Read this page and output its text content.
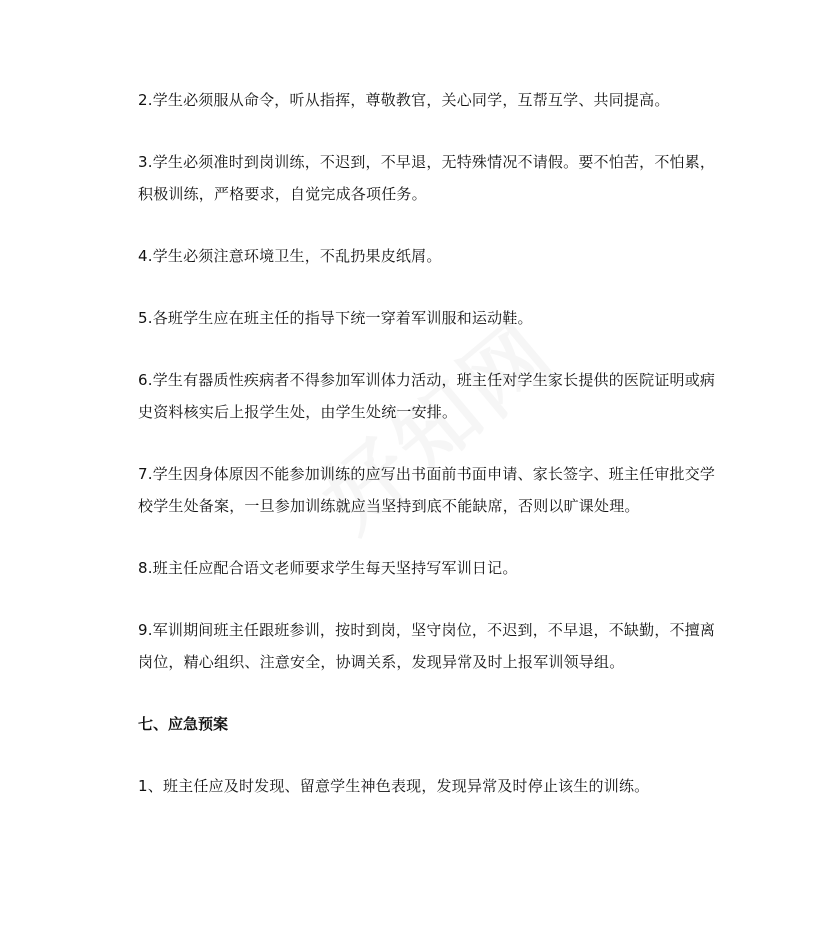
2.学生必须服从命令，听从指挥，尊敬教官，关心同学，互帮互学、共同提高。

3.学生必须准时到岗训练，不迟到，不早退，无特殊情况不请假。要不怕苦，不怕累，积极训练，严格要求，自觉完成各项任务。

4.学生必须注意环境卫生，不乱扔果皮纸屑。

5.各班学生应在班主任的指导下统一穿着军训服和运动鞋。

6.学生有器质性疾病者不得参加军训体力活动，班主任对学生家长提供的医院证明或病史资料核实后上报学生处，由学生处统一安排。

7.学生因身体原因不能参加训练的应写出书面前书面申请、家长签字、班主任审批交学校学生处备案，一旦参加训练就应当坚持到底不能缺席，否则以旷课处理。

8.班主任应配合语文老师要求学生每天坚持写军训日记。

9.军训期间班主任跟班参训，按时到岗，坚守岗位，不迟到，不早退，不缺勤，不擅离岗位，精心组织、注意安全，协调关系，发现异常及时上报军训领导组。

七、应急预案

1、班主任应及时发现、留意学生神色表现，发现异常及时停止该生的训练。
